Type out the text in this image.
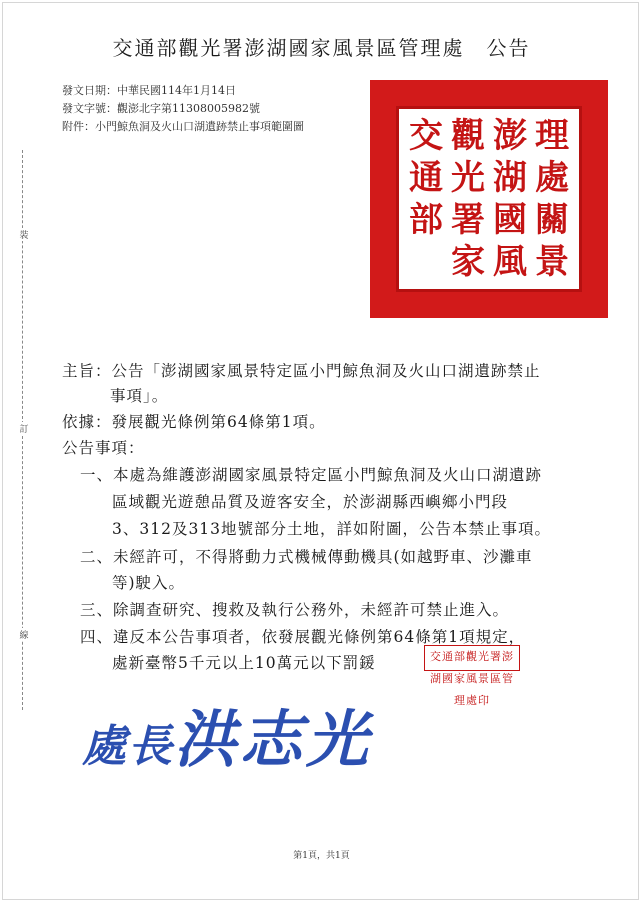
交通部觀光署澎湖國家風景區管理處　公告
發文日期：中華民國114年1月14日
發文字號：觀澎北字第11308005982號
附件：小門鯨魚洞及火山口湖遺跡禁止事項範圍圖
裝
訂
線
交 觀 澎 理
通 光 湖 處
部 署 國 關

家 風 景
主旨：公告「澎湖國家風景特定區小門鯨魚洞及火山口湖遺跡禁止
事項」。
依據：發展觀光條例第64條第1項。
公告事項：
一、本處為維護澎湖國家風景特定區小門鯨魚洞及火山口湖遺跡
區域觀光遊憩品質及遊客安全，於澎湖縣西嶼鄉小門段
3、312及313地號部分土地，詳如附圖，公告本禁止事項。
二、未經許可，不得將動力式機械傳動機具(如越野車、沙灘車
等)駛入。
三、除調查研究、搜救及執行公務外，未經許可禁止進入。
四、違反本公告事項者，依發展觀光條例第64條第1項規定，
處新臺幣5千元以上10萬元以下罰鍰	交通部觀光署澎湖國家風景區管理處印
處長洪志光
第1頁，共1頁
